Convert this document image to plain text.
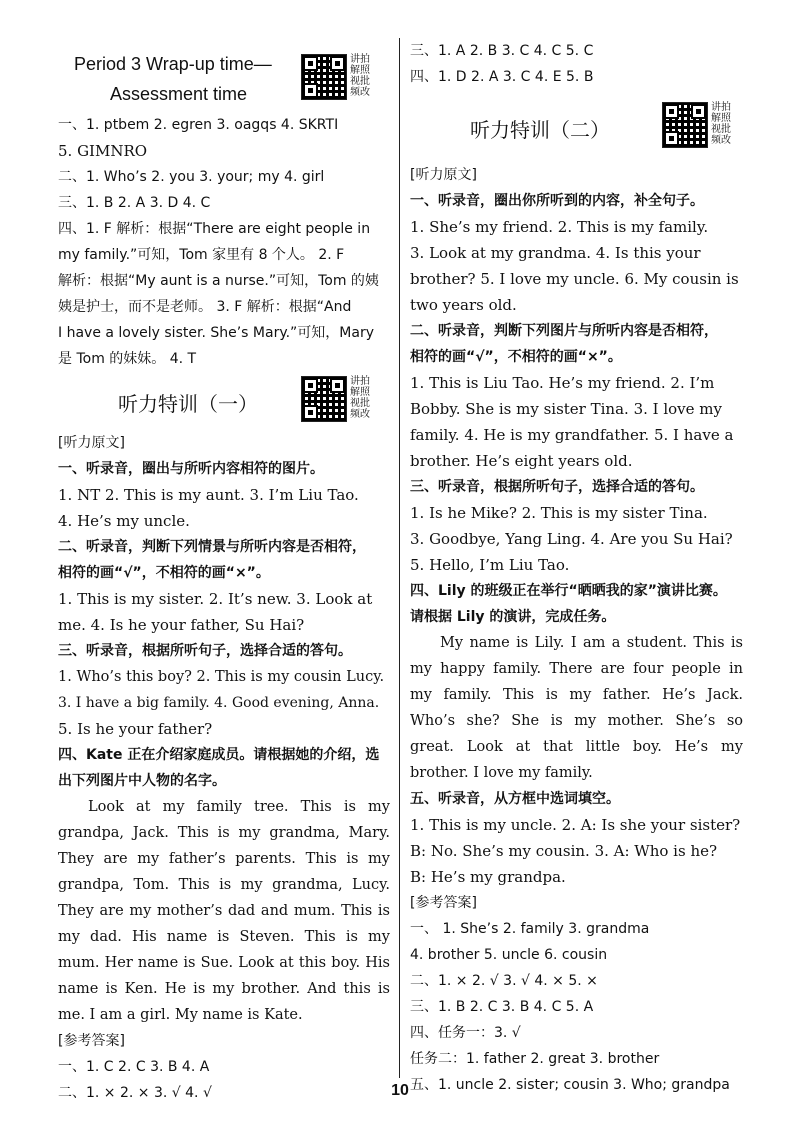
Period 3 Wrap-up time—
Assessment time
讲拍解照视批频改
一、1. ptbem 2. egren 3. oagqs 4. SKRTI
5. GIMNRO
二、1. Who’s 2. you 3. your; my 4. girl
三、1. B 2. A 3. D 4. C
四、1. F 解析：根据“There are eight people in
my family.”可知，Tom 家里有 8 个人。 2. F
解析：根据“My aunt is a nurse.”可知，Tom 的姨
姨是护士，而不是老师。 3. F 解析：根据“And
I have a lovely sister. She’s Mary.”可知，Mary
是 Tom 的妹妹。 4. T
听力特训（一）
讲拍解照视批频改
[听力原文]
一、听录音，圈出与所听内容相符的图片。
1. NT 2. This is my aunt. 3. I’m Liu Tao.
4. He’s my uncle.
二、听录音，判断下列情景与所听内容是否相符，
相符的画“√”，不相符的画“×”。
1. This is my sister. 2. It’s new. 3. Look at
me. 4. Is he your father, Su Hai?
三、听录音，根据所听句子，选择合适的答句。
1. Who’s this boy? 2. This is my cousin Lucy.
3. I have a big family. 4. Good evening, Anna.
5. Is he your father?
四、Kate 正在介绍家庭成员。请根据她的介绍，选
出下列图片中人物的名字。
Look at my family tree. This is my grandpa, Jack. This is my grandma, Mary. They are my father’s parents. This is my grandpa, Tom. This is my grandma, Lucy. They are my mother’s dad and mum. This is my dad. His name is Steven. This is my mum. Her name is Sue. Look at this boy. His name is Ken. He is my brother. And this is me. I am a girl. My name is Kate.
[参考答案]
一、1. C 2. C 3. B 4. A
二、1. × 2. × 3. √ 4. √
三、1. A 2. B 3. C 4. C 5. C
四、1. D 2. A 3. C 4. E 5. B
听力特训（二）
讲拍解照视批频改
[听力原文]
一、听录音，圈出你所听到的内容，补全句子。
1. She’s my friend. 2. This is my family.
3. Look at my grandma. 4. Is this your
brother? 5. I love my uncle. 6. My cousin is
two years old.
二、听录音，判断下列图片与所听内容是否相符，
相符的画“√”，不相符的画“×”。
1. This is Liu Tao. He’s my friend. 2. I’m
Bobby. She is my sister Tina. 3. I love my
family. 4. He is my grandfather. 5. I have a
brother. He’s eight years old.
三、听录音，根据所听句子，选择合适的答句。
1. Is he Mike? 2. This is my sister Tina.
3. Goodbye, Yang Ling. 4. Are you Su Hai?
5. Hello, I’m Liu Tao.
四、Lily 的班级正在举行“晒晒我的家”演讲比赛。
请根据 Lily 的演讲，完成任务。
My name is Lily. I am a student. This is my happy family. There are four people in my family. This is my father. He’s Jack. Who’s she? She is my mother. She’s so great. Look at that little boy. He’s my brother. I love my family.
五、听录音，从方框中选词填空。
1. This is my uncle. 2. A: Is she your sister?
B: No. She’s my cousin. 3. A: Who is he?
B: He’s my grandpa.
[参考答案]
一、 1. She’s 2. family 3. grandma
4. brother 5. uncle 6. cousin
二、1. × 2. √ 3. √ 4. × 5. ×
三、1. B 2. C 3. B 4. C 5. A
四、任务一：3. √
任务二：1. father 2. great 3. brother
五、1. uncle 2. sister; cousin 3. Who; grandpa
10
